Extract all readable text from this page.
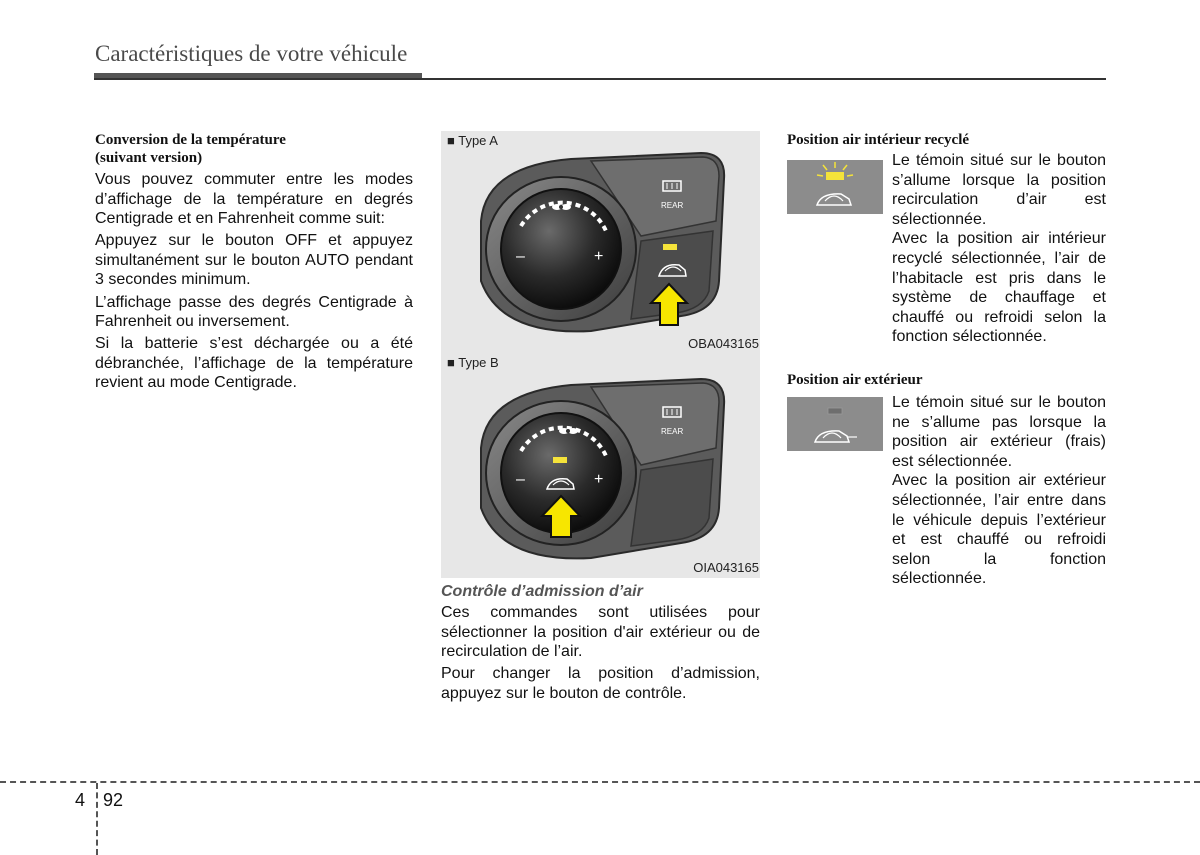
Caractéristiques de votre véhicule
Conversion de la température
(suivant version)

Vous pouvez commuter entre les modes d’affichage de la température en degrés Centigrade et en Fahrenheit comme suit:

Appuyez sur le bouton OFF et appuyez simultanément sur le bouton AUTO pendant 3 secondes minimum.

L’affichage passe des degrés Centigrade à Fahrenheit ou inversement.

Si la batterie s’est déchargée ou a été débranchée, l’affichage de la température revient au mode Centigrade.

–	+
REAR
■ Type A
OBA043165
–	+
REAR
■ Type B
OIA043165
Contrôle d’admission d’air

Ces commandes sont utilisées pour sélectionner la position d'air extérieur ou de recirculation de l’air.

Pour changer la position d’admission, appuyez sur le bouton de contrôle.

Position air intérieur recyclé

Le témoin situé sur le bouton s’allume lorsque la position recirculation d’air est sélectionnée.

Avec la position air intérieur recyclé sélectionnée, l’air de l’habitacle est pris dans le système de chauffage et chauffé ou refroidi selon la fonction sélectionnée.

Position air extérieur

Le témoin situé sur le bouton ne s’allume pas lorsque la position air extérieur (frais) est sélectionnée.

Avec la position air extérieur sélectionnée, l’air entre dans le véhicule depuis l’extérieur et est chauffé ou refroidi selon la fonction sélectionnée.

4 92
